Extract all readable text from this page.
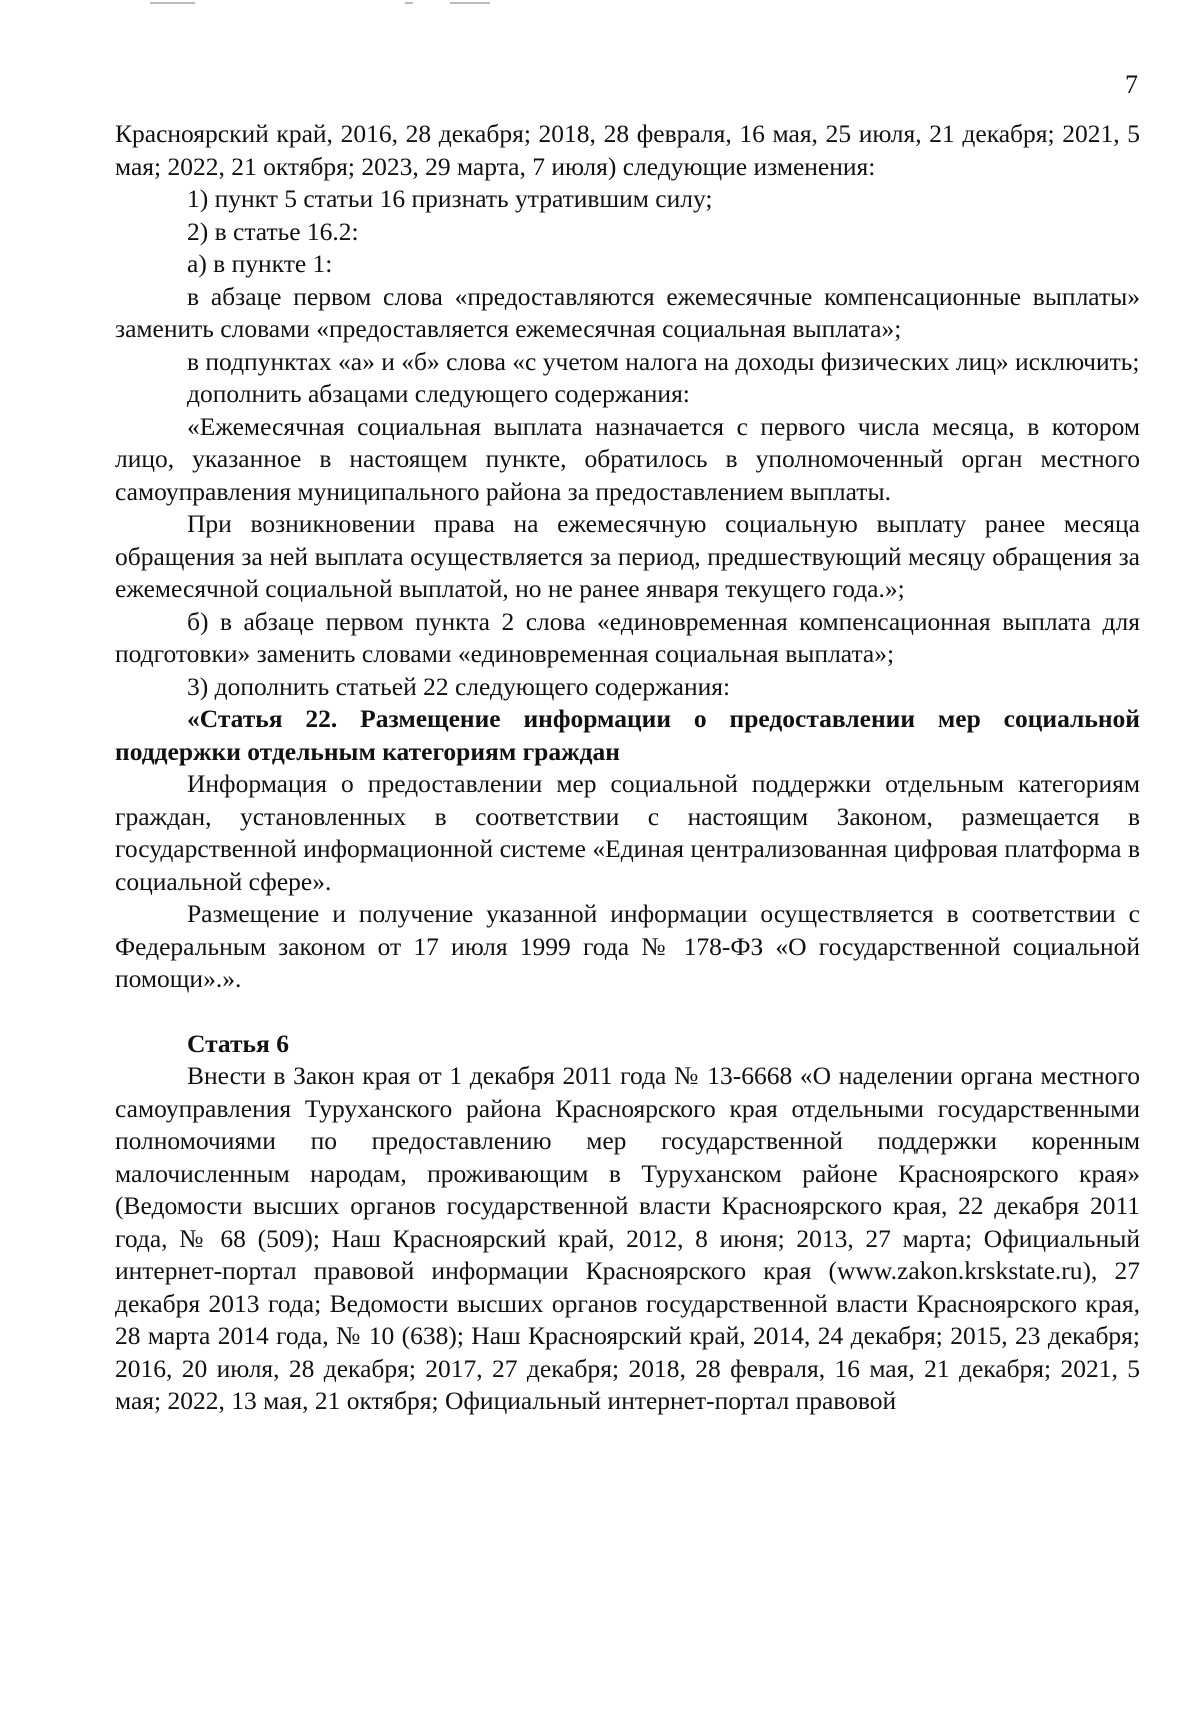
7

Красноярский край, 2016, 28 декабря; 2018, 28 февраля, 16 мая, 25 июля, 21 декабря; 2021, 5 мая; 2022, 21 октября; 2023, 29 марта, 7 июля) следующие изменения:

1) пункт 5 статьи 16 признать утратившим силу;

2) в статье 16.2:

а) в пункте 1:

в абзаце первом слова «предоставляются ежемесячные компенсационные выплаты» заменить словами «предоставляется ежемесячная социальная выплата»;

в подпунктах «а» и «б» слова «с учетом налога на доходы физических лиц» исключить;

дополнить абзацами следующего содержания:

«Ежемесячная социальная выплата назначается с первого числа месяца, в котором лицо, указанное в настоящем пункте, обратилось в уполномоченный орган местного самоуправления муниципального района за предоставлением выплаты.

При возникновении права на ежемесячную социальную выплату ранее месяца обращения за ней выплата осуществляется за период, предшествующий месяцу обращения за ежемесячной социальной выплатой, но не ранее января текущего года.»;

б) в абзаце первом пункта 2 слова «единовременная компенсационная выплата для подготовки» заменить словами «единовременная социальная выплата»;

3) дополнить статьей 22 следующего содержания:

«Статья 22. Размещение информации о предоставлении мер социальной поддержки отдельным категориям граждан

Информация о предоставлении мер социальной поддержки отдельным категориям граждан, установленных в соответствии с настоящим Законом, размещается в государственной информационной системе «Единая централизованная цифровая платформа в социальной сфере».

Размещение и получение указанной информации осуществляется в соответствии с Федеральным законом от 17 июля 1999 года № 178-ФЗ «О государственной социальной помощи».».

Статья 6

Внести в Закон края от 1 декабря 2011 года № 13-6668 «О наделении органа местного самоуправления Туруханского района Красноярского края отдельными государственными полномочиями по предоставлению мер государственной поддержки коренным малочисленным народам, проживающим в Туруханском районе Красноярского края» (Ведомости высших органов государственной власти Красноярского края, 22 декабря 2011 года, № 68 (509); Наш Красноярский край, 2012, 8 июня; 2013, 27 марта; Официальный интернет-портал правовой информации Красноярского края (www.zakon.krskstate.ru), 27 декабря 2013 года; Ведомости высших органов государственной власти Красноярского края, 28 марта 2014 года, № 10 (638); Наш Красноярский край, 2014, 24 декабря; 2015, 23 декабря; 2016, 20 июля, 28 декабря; 2017, 27 декабря; 2018, 28 февраля, 16 мая, 21 декабря; 2021, 5 мая; 2022, 13 мая, 21 октября; Официальный интернет-портал правовой
